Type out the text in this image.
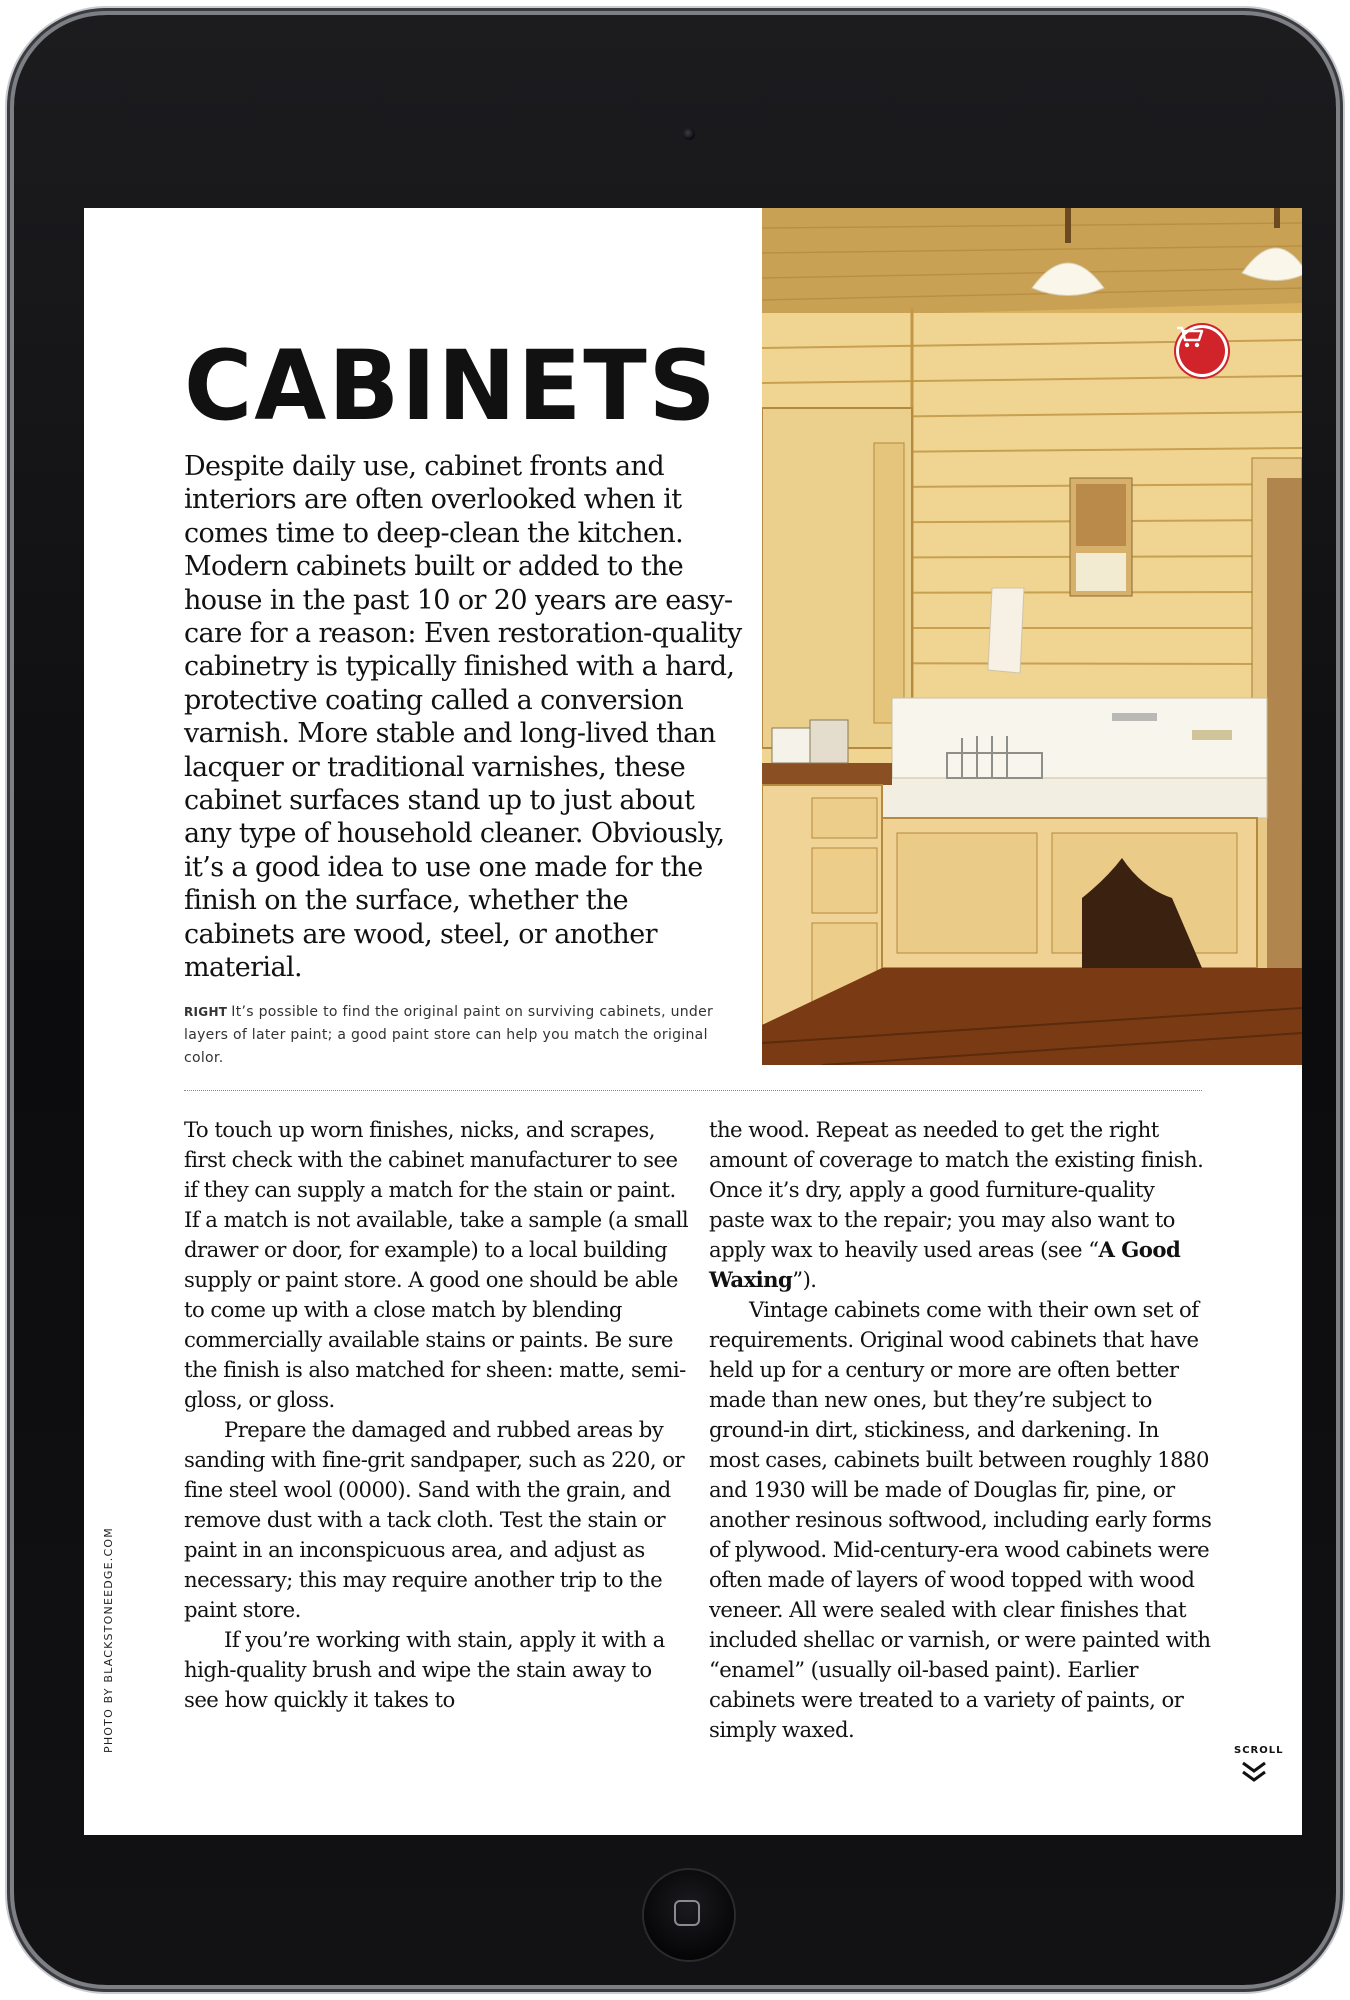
CABINETS

Despite daily use, cabinet fronts and interiors are often overlooked when it comes time to deep-clean the kitchen. Modern cabinets built or added to the house in the past 10 or 20 years are easy-care for a reason: Even restoration-quality cabinetry is typically finished with a hard, protective coating called a conversion varnish. More stable and long-lived than lacquer or traditional varnishes, these cabinet surfaces stand up to just about any type of household cleaner. Obviously, it’s a good idea to use one made for the finish on the surface, whether the cabinets are wood, steel, or another material.

RIGHT It’s possible to find the original paint on surviving cabinets, under layers of later paint; a good paint store can help you match the original color.

To touch up worn finishes, nicks, and scrapes, first check with the cabinet manufacturer to see if they can supply a match for the stain or paint. If a match is not available, take a sample (a small drawer or door, for example) to a local building supply or paint store. A good one should be able to come up with a close match by blending commercially available stains or paints. Be sure the finish is also matched for sheen: matte, semi-gloss, or gloss.

Prepare the damaged and rubbed areas by sanding with fine-grit sandpaper, such as 220, or fine steel wool (0000). Sand with the grain, and remove dust with a tack cloth. Test the stain or paint in an inconspicuous area, and adjust as necessary; this may require another trip to the paint store.

If you’re working with stain, apply it with a high-quality brush and wipe the stain away to see how quickly it takes to

the wood. Repeat as needed to get the right amount of coverage to match the existing finish. Once it’s dry, apply a good furniture-quality paste wax to the repair; you may also want to apply wax to heavily used areas (see “A Good Waxing”).

Vintage cabinets come with their own set of requirements. Original wood cabinets that have held up for a century or more are often better made than new ones, but they’re subject to ground-in dirt, stickiness, and darkening. In most cases, cabinets built between roughly 1880 and 1930 will be made of Douglas fir, pine, or another resinous softwood, including early forms of plywood. Mid-century-era wood cabinets were often made of layers of wood topped with wood veneer. All were sealed with clear finishes that included shellac or varnish, or were painted with “enamel” (usually oil-based paint). Earlier cabinets were treated to a variety of paints, or simply waxed.

PHOTO BY BLACKSTONEEDGE.COM	SCROLL
